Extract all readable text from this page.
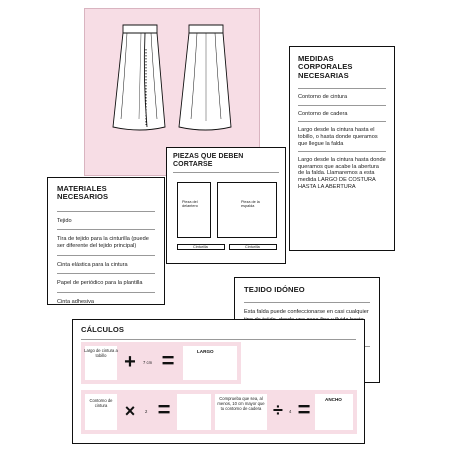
MEDIDAS CORPORALES NECESARIAS
Contorno de cintura
Contorno de cadera
Largo desde la cintura hasta el tobillo, o hasta donde queramos que llegue la falda
Largo desde la cintura hasta donde queramos que acabe la abertura de la falda. Llamaremos a esta medida LARGO DE COSTURA HASTA LA ABERTURA
PIEZAS QUE DEBEN CORTARSE
Pieza del delantero
Pieza de la espalda
Cinturilla	Cinturilla
MATERIALES NECESARIOS
Tejido
Tira de tejido para la cinturilla (puede ser diferente del tejido principal)
Cinta elástica para la cintura
Papel de periódico para la plantilla
Cinta adhesiva
TEJIDO IDÓNEO
Esta falda puede confeccionarse en casi cualquier
CÁLCULOS
Largo de cintura a tobillo + 7 cm =	LARGO
Contorno de cintura ×	2 =	Comprueba que sea, al menos, 10 cm mayor que tu contorno de cadera ÷	4 =	ANCHO
